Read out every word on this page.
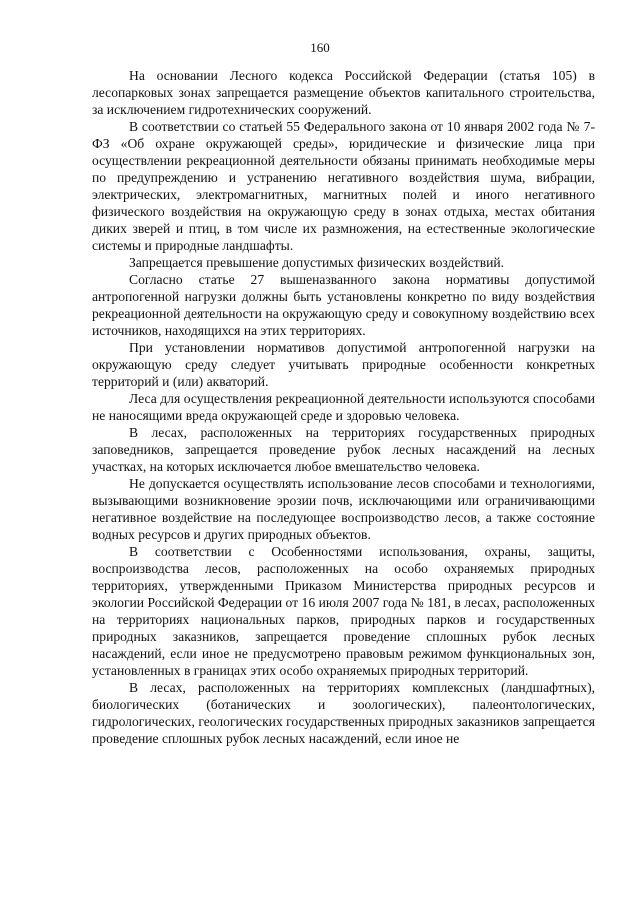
160

На основании Лесного кодекса Российской Федерации (статья 105) в лесопарковых зонах запрещается размещение объектов капитального строительства, за исключением гидротехнических сооружений.

В соответствии со статьей 55 Федерального закона от 10 января 2002 года № 7-ФЗ «Об охране окружающей среды», юридические и физические лица при осуществлении рекреационной деятельности обязаны принимать необходимые меры по предупреждению и устранению негативного воздействия шума, вибрации, электрических, электромагнитных, магнитных полей и иного негативного физического воздействия на окружающую среду в зонах отдыха, местах обитания диких зверей и птиц, в том числе их размножения, на естественные экологические системы и природные ландшафты.

Запрещается превышение допустимых физических воздействий.

Согласно статье 27 вышеназванного закона нормативы допустимой антропогенной нагрузки должны быть установлены конкретно по виду воздействия рекреационной деятельности на окружающую среду и совокупному воздействию всех источников, находящихся на этих территориях.

При установлении нормативов допустимой антропогенной нагрузки на окружающую среду следует учитывать природные особенности конкретных территорий и (или) акваторий.

Леса для осуществления рекреационной деятельности используются способами не наносящими вреда окружающей среде и здоровью человека.

В лесах, расположенных на территориях государственных природных заповедников, запрещается проведение рубок лесных насаждений на лесных участках, на которых исключается любое вмешательство человека.

Не допускается осуществлять использование лесов способами и технологиями, вызывающими возникновение эрозии почв, исключающими или ограничивающими негативное воздействие на последующее воспроизводство лесов, а также состояние водных ресурсов и других природных объектов.

В соответствии с Особенностями использования, охраны, защиты, воспроизводства лесов, расположенных на особо охраняемых природных территориях, утвержденными Приказом Министерства природных ресурсов и экологии Российской Федерации от 16 июля 2007 года № 181, в лесах, расположенных на территориях национальных парков, природных парков и государственных природных заказников, запрещается проведение сплошных рубок лесных насаждений, если иное не предусмотрено правовым режимом функциональных зон, установленных в границах этих особо охраняемых природных территорий.

В лесах, расположенных на территориях комплексных (ландшафтных), биологических (ботанических и зоологических), палеонтологических, гидрологических, геологических государственных природных заказников запрещается проведение сплошных рубок лесных насаждений, если иное не
